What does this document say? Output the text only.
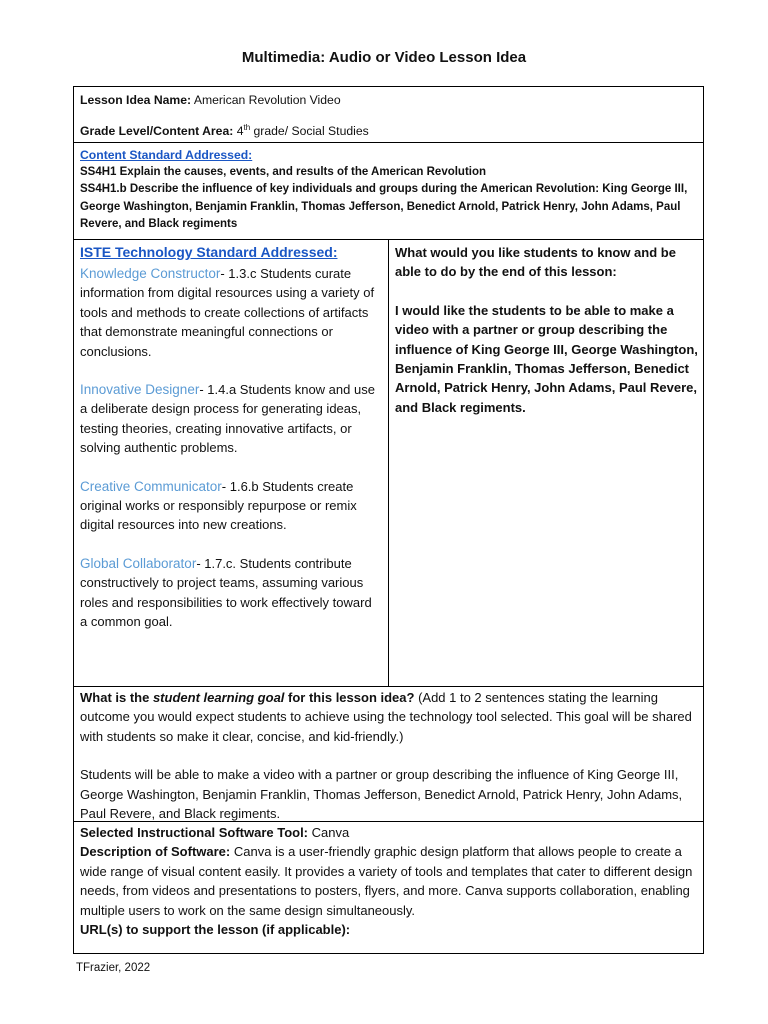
Multimedia: Audio or Video Lesson Idea

Lesson Idea Name: American Revolution Video

Grade Level/Content Area: 4th grade/ Social Studies

Content Standard Addressed:

SS4H1 Explain the causes, events, and results of the American Revolution

SS4H1.b Describe the influence of key individuals and groups during the American Revolution: King George III, George Washington, Benjamin Franklin, Thomas Jefferson, Benedict Arnold, Patrick Henry, John Adams, Paul Revere, and Black regiments

ISTE Technology Standard Addressed:

Knowledge Constructor- 1.3.c Students curate information from digital resources using a variety of tools and methods to create collections of artifacts that demonstrate meaningful connections or conclusions.

Innovative Designer- 1.4.a Students know and use a deliberate design process for generating ideas, testing theories, creating innovative artifacts, or solving authentic problems.

Creative Communicator- 1.6.b Students create original works or responsibly repurpose or remix digital resources into new creations.

Global Collaborator- 1.7.c. Students contribute constructively to project teams, assuming various roles and responsibilities to work effectively toward a common goal.

What would you like students to know and be able to do by the end of this lesson:

I would like the students to be able to make a video with a partner or group describing the influence of King George III, George Washington, Benjamin Franklin, Thomas Jefferson, Benedict Arnold, Patrick Henry, John Adams, Paul Revere, and Black regiments.

What is the student learning goal for this lesson idea? (Add 1 to 2 sentences stating the learning outcome you would expect students to achieve using the technology tool selected. This goal will be shared with students so make it clear, concise, and kid-friendly.)

Students will be able to make a video with a partner or group describing the influence of King George III, George Washington, Benjamin Franklin, Thomas Jefferson, Benedict Arnold, Patrick Henry, John Adams, Paul Revere, and Black regiments.

Selected Instructional Software Tool: Canva

Description of Software: Canva is a user-friendly graphic design platform that allows people to create a wide range of visual content easily. It provides a variety of tools and templates that cater to different design needs, from videos and presentations to posters, flyers, and more. Canva supports collaboration, enabling multiple users to work on the same design simultaneously.

URL(s) to support the lesson (if applicable):

TFrazier, 2022
